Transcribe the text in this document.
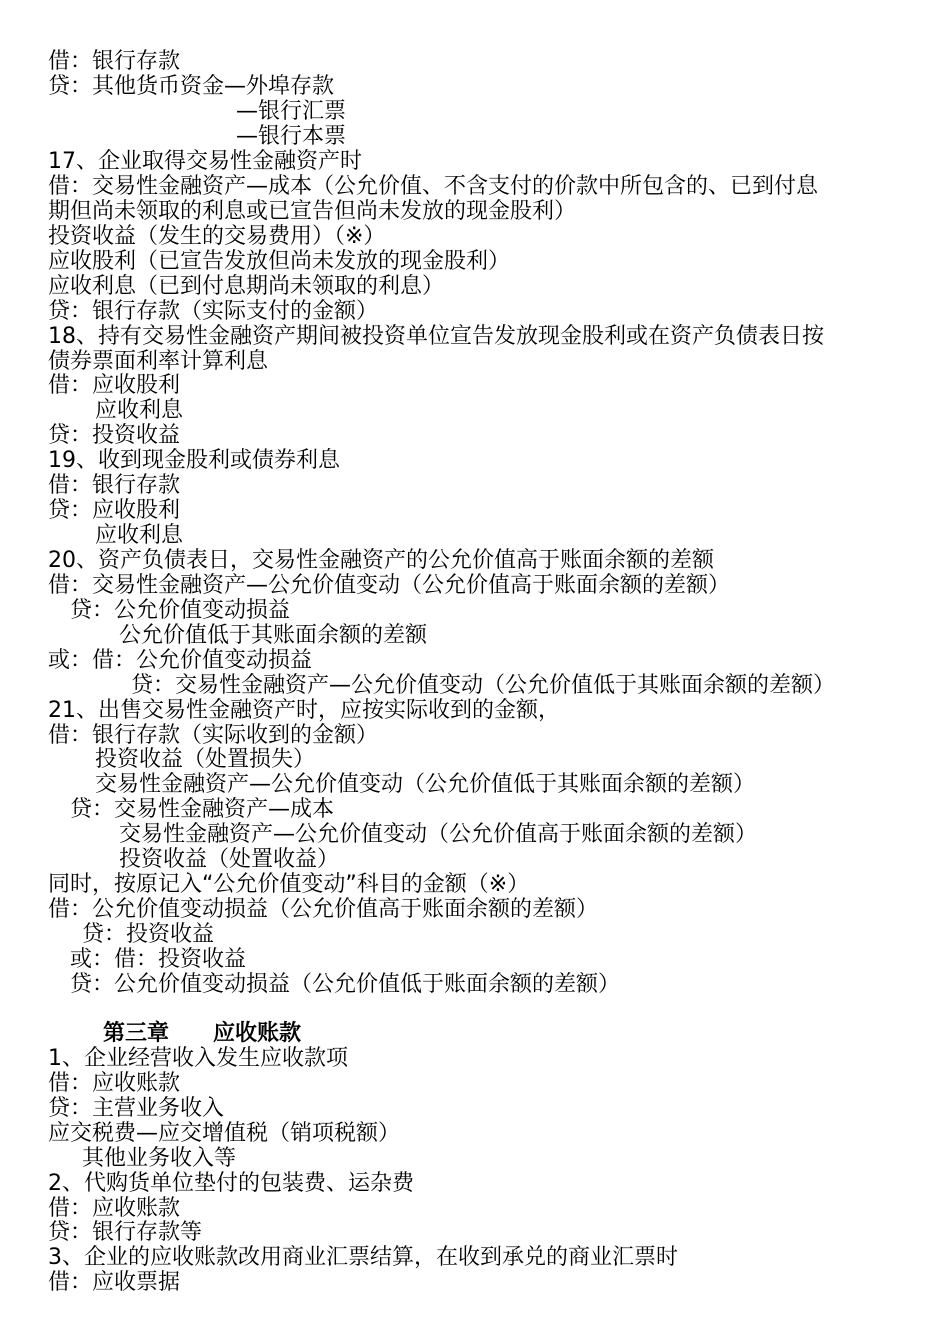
借：银行存款
贷：其他货币资金—外埠存款
—银行汇票
—银行本票
17、企业取得交易性金融资产时
借：交易性金融资产—成本（公允价值、不含支付的价款中所包含的、已到付息
期但尚未领取的利息或已宣告但尚未发放的现金股利）
投资收益（发生的交易费用）（※）
应收股利（已宣告发放但尚未发放的现金股利）
应收利息（已到付息期尚未领取的利息）
贷：银行存款（实际支付的金额）
18、持有交易性金融资产期间被投资单位宣告发放现金股利或在资产负债表日按
债券票面利率计算利息
借：应收股利
应收利息
贷：投资收益
19、收到现金股利或债券利息
借：银行存款
贷：应收股利
应收利息
20、资产负债表日，交易性金融资产的公允价值高于账面余额的差额
借：交易性金融资产—公允价值变动（公允价值高于账面余额的差额）
贷：公允价值变动损益
公允价值低于其账面余额的差额
或：借：公允价值变动损益
贷：交易性金融资产—公允价值变动（公允价值低于其账面余额的差额）
21、出售交易性金融资产时，应按实际收到的金额，
借：银行存款（实际收到的金额）
投资收益（处置损失）
交易性金融资产—公允价值变动（公允价值低于其账面余额的差额）
贷：交易性金融资产—成本
交易性金融资产—公允价值变动（公允价值高于账面余额的差额）
投资收益（处置收益）
同时，按原记入“公允价值变动”科目的金额（※）
借：公允价值变动损益（公允价值高于账面余额的差额）
贷：投资收益
或：借：投资收益
贷：公允价值变动损益（公允价值低于账面余额的差额）
第三章　　应收账款
1、企业经营收入发生应收款项
借：应收账款
贷：主营业务收入
应交税费—应交增值税（销项税额）
其他业务收入等
2、代购货单位垫付的包装费、运杂费
借：应收账款
贷：银行存款等
3、企业的应收账款改用商业汇票结算，在收到承兑的商业汇票时
借：应收票据
